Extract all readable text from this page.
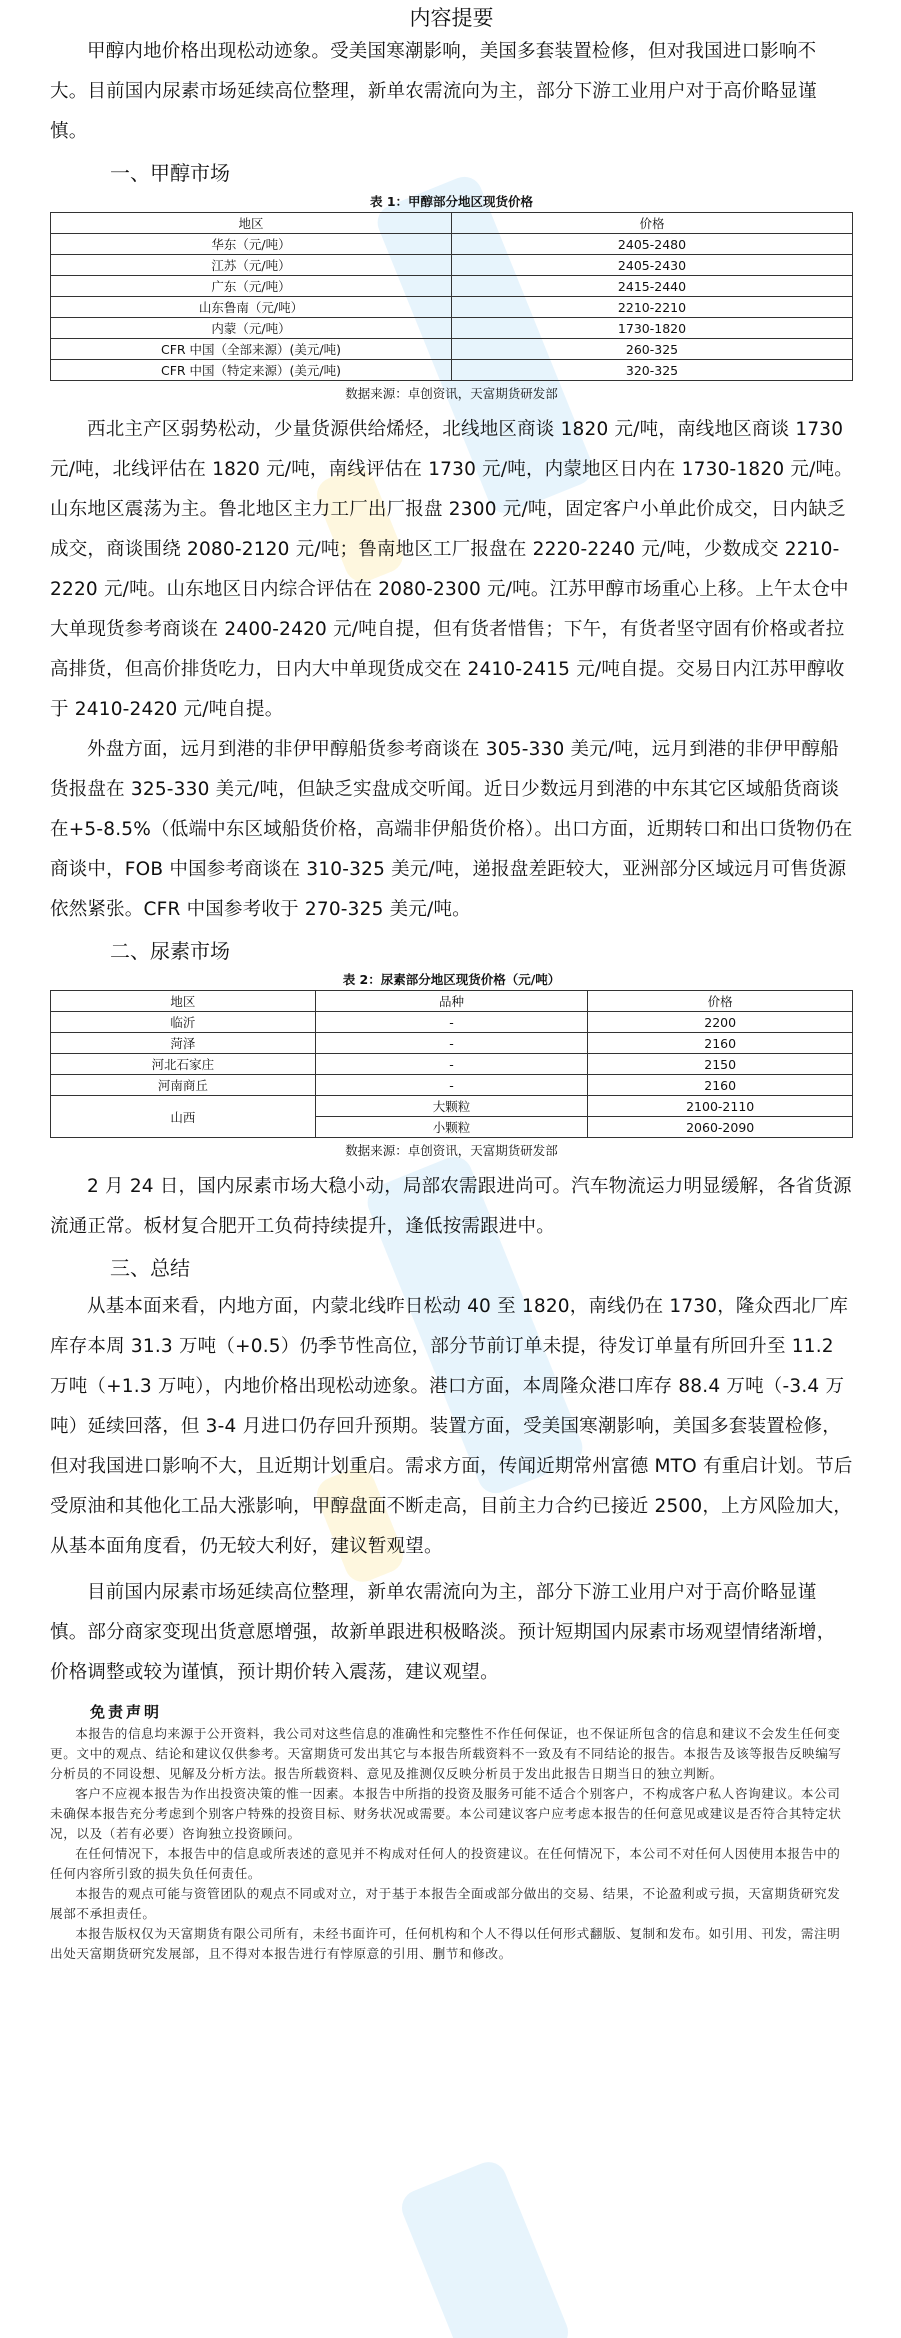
内容提要

甲醇内地价格出现松动迹象。受美国寒潮影响，美国多套装置检修，但对我国进口影响不大。目前国内尿素市场延续高位整理，新单农需流向为主，部分下游工业用户对于高价略显谨慎。

一、甲醇市场
表 1：甲醇部分地区现货价格
地区	价格
华东（元/吨）	2405-2480
江苏（元/吨）	2405-2430
广东（元/吨）	2415-2440
山东鲁南（元/吨）	2210-2210
内蒙（元/吨）	1730-1820
CFR 中国（全部来源）(美元/吨)	260-325
CFR 中国（特定来源）(美元/吨)	320-325
数据来源：卓创资讯，天富期货研发部

西北主产区弱势松动，少量货源供给烯烃，北线地区商谈 1820 元/吨，南线地区商谈 1730 元/吨，北线评估在 1820 元/吨，南线评估在 1730 元/吨，内蒙地区日内在 1730-1820 元/吨。山东地区震荡为主。鲁北地区主力工厂出厂报盘 2300 元/吨，固定客户小单此价成交，日内缺乏成交，商谈围绕 2080-2120 元/吨；鲁南地区工厂报盘在 2220-2240 元/吨，少数成交 2210-2220 元/吨。山东地区日内综合评估在 2080-2300 元/吨。江苏甲醇市场重心上移。上午太仓中大单现货参考商谈在 2400-2420 元/吨自提，但有货者惜售；下午，有货者坚守固有价格或者拉高排货，但高价排货吃力，日内大中单现货成交在 2410-2415 元/吨自提。交易日内江苏甲醇收于 2410-2420 元/吨自提。

外盘方面，远月到港的非伊甲醇船货参考商谈在 305-330 美元/吨，远月到港的非伊甲醇船货报盘在 325-330 美元/吨，但缺乏实盘成交听闻。近日少数远月到港的中东其它区域船货商谈在+5-8.5%（低端中东区域船货价格，高端非伊船货价格）。出口方面，近期转口和出口货物仍在商谈中，FOB 中国参考商谈在 310-325 美元/吨，递报盘差距较大，亚洲部分区域远月可售货源依然紧张。CFR 中国参考收于 270-325 美元/吨。

二、尿素市场
表 2：尿素部分地区现货价格（元/吨）
地区	品种	价格
临沂	-	2200
菏泽	-	2160
河北石家庄	-	2150
河南商丘	-	2160
山西	大颗粒	2100-2110
	小颗粒	2060-2090
数据来源：卓创资讯，天富期货研发部

2 月 24 日，国内尿素市场大稳小动，局部农需跟进尚可。汽车物流运力明显缓解，各省货源流通正常。板材复合肥开工负荷持续提升，逢低按需跟进中。

三、总结

从基本面来看，内地方面，内蒙北线昨日松动 40 至 1820，南线仍在 1730，隆众西北厂库库存本周 31.3 万吨（+0.5）仍季节性高位，部分节前订单未提，待发订单量有所回升至 11.2 万吨（+1.3 万吨），内地价格出现松动迹象。港口方面，本周隆众港口库存 88.4 万吨（-3.4 万吨）延续回落，但 3-4 月进口仍存回升预期。装置方面，受美国寒潮影响，美国多套装置检修，但对我国进口影响不大，且近期计划重启。需求方面，传闻近期常州富德 MTO 有重启计划。节后受原油和其他化工品大涨影响，甲醇盘面不断走高，目前主力合约已接近 2500，上方风险加大，从基本面角度看，仍无较大利好，建议暂观望。

目前国内尿素市场延续高位整理，新单农需流向为主，部分下游工业用户对于高价略显谨慎。部分商家变现出货意愿增强，故新单跟进积极略淡。预计短期国内尿素市场观望情绪渐增，价格调整或较为谨慎，预计期价转入震荡，建议观望。

免责声明

本报告的信息均来源于公开资料，我公司对这些信息的准确性和完整性不作任何保证，也不保证所包含的信息和建议不会发生任何变更。文中的观点、结论和建议仅供参考。天富期货可发出其它与本报告所载资料不一致及有不同结论的报告。本报告及该等报告反映编写分析员的不同设想、见解及分析方法。报告所载资料、意见及推测仅反映分析员于发出此报告日期当日的独立判断。

客户不应视本报告为作出投资决策的惟一因素。本报告中所指的投资及服务可能不适合个别客户，不构成客户私人咨询建议。本公司未确保本报告充分考虑到个别客户特殊的投资目标、财务状况或需要。本公司建议客户应考虑本报告的任何意见或建议是否符合其特定状况，以及（若有必要）咨询独立投资顾问。

在任何情况下，本报告中的信息或所表述的意见并不构成对任何人的投资建议。在任何情况下，本公司不对任何人因使用本报告中的任何内容所引致的损失负任何责任。

本报告的观点可能与资管团队的观点不同或对立，对于基于本报告全面或部分做出的交易、结果，不论盈利或亏损，天富期货研究发展部不承担责任。

本报告版权仅为天富期货有限公司所有，未经书面许可，任何机构和个人不得以任何形式翻版、复制和发布。如引用、刊发，需注明出处天富期货研究发展部，且不得对本报告进行有悖原意的引用、删节和修改。
